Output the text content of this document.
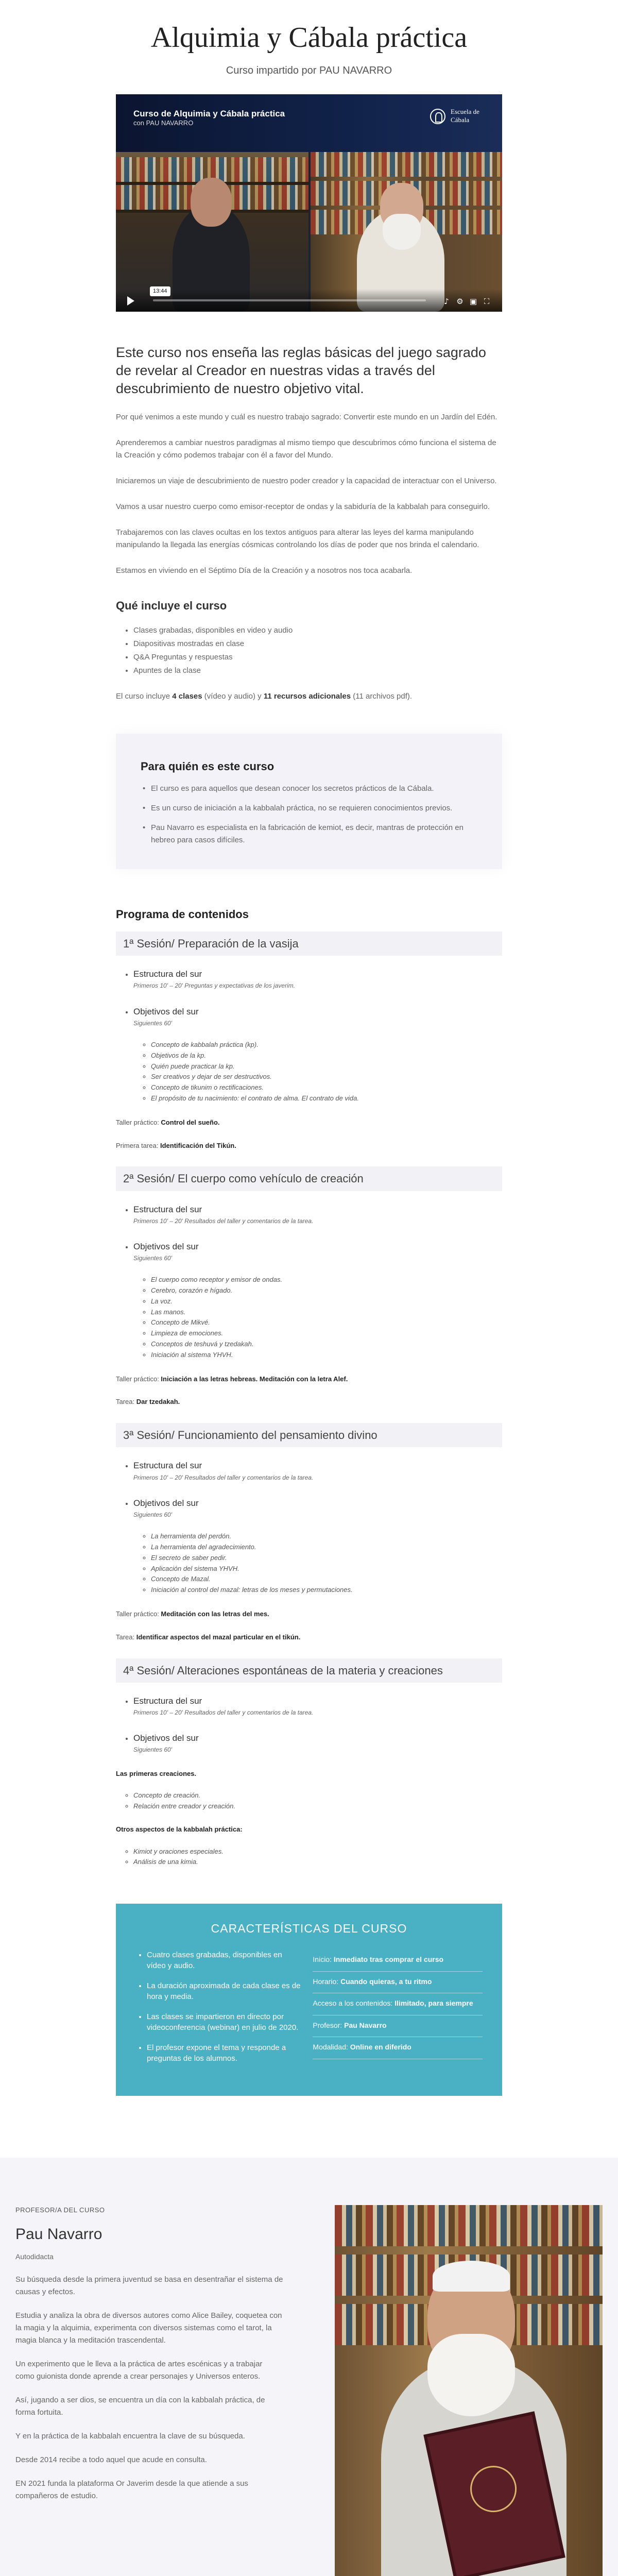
Alquimia y Cábala práctica
Curso impartido por PAU NAVARRO
Curso de Alquimia y Cábala práctica
con PAU NAVARRO
Escuela de Cábala
13:44
♪ ⚙ ▣ ⛶

Este curso nos enseña las reglas básicas del juego sagrado de revelar al Creador en nuestras vidas a través del descubrimiento de nuestro objetivo vital.

Por qué venimos a este mundo y cuál es nuestro trabajo sagrado: Convertir este mundo en un Jardín del Edén.

Aprenderemos a cambiar nuestros paradigmas al mismo tiempo que descubrimos cómo funciona el sistema de la Creación y cómo podemos trabajar con él a favor del Mundo.

Iniciaremos un viaje de descubrimiento de nuestro poder creador y la capacidad de interactuar con el Universo.

Vamos a usar nuestro cuerpo como emisor-receptor de ondas y la sabiduría de la kabbalah para conseguirlo.

Trabajaremos con las claves ocultas en los textos antiguos para alterar las leyes del karma manipulando manipulando la llegada las energías cósmicas controlando los días de poder que nos brinda el calendario.

Estamos en viviendo en el Séptimo Día de la Creación y a nosotros nos toca acabarla.

Qué incluye el curso
• Clases grabadas, disponibles en video y audio
• Diapositivas mostradas en clase
• Q&A Preguntas y respuestas
• Apuntes de la clase

El curso incluye 4 clases (vídeo y audio) y 11 recursos adicionales (11 archivos pdf).

Para quién es este curso
• El curso es para aquellos que desean conocer los secretos prácticos de la Cábala.
• Es un curso de iniciación a la kabbalah práctica, no se requieren conocimientos previos.
• Pau Navarro es especialista en la fabricación de kemiot, es decir, mantras de protección en hebreo para casos difíciles.
Programa de contenidos
1ª Sesión/ Preparación de la vasija
• Estructura del sur
Primeros 10' – 20' Preguntas y expectativas de los javerim.
• Objetivos del sur
Siguientes 60'
◦ Concepto de kabbalah práctica (kp).
◦ Objetivos de la kp.
◦ Quién puede practicar la kp.
◦ Ser creativos y dejar de ser destructivos.
◦ Concepto de tikunim o rectificaciones.
◦ El propósito de tu nacimiento: el contrato de alma. El contrato de vida.

Taller práctico: Control del sueño.

Primera tarea: Identificación del Tikún.

2ª Sesión/ El cuerpo como vehículo de creación
• Estructura del sur
Primeros 10' – 20' Resultados del taller y comentarios de la tarea.
• Objetivos del sur
Siguientes 60'
◦ El cuerpo como receptor y emisor de ondas.
◦ Cerebro, corazón e hígado.
◦ La voz.
◦ Las manos.
◦ Concepto de Mikvé.
◦ Limpieza de emociones.
◦ Conceptos de teshuvá y tzedakah.
◦ Iniciación al sistema YHVH.

Taller práctico: Iniciación a las letras hebreas. Meditación con la letra Alef.

Tarea: Dar tzedakah.

3ª Sesión/ Funcionamiento del pensamiento divino
• Estructura del sur
Primeros 10' – 20' Resultados del taller y comentarios de la tarea.
• Objetivos del sur
Siguientes 60'
◦ La herramienta del perdón.
◦ La herramienta del agradecimiento.
◦ El secreto de saber pedir.
◦ Aplicación del sistema YHVH.
◦ Concepto de Mazal.
◦ Iniciación al control del mazal: letras de los meses y permutaciones.

Taller práctico: Meditación con las letras del mes.

Tarea: Identificar aspectos del mazal particular en el tikún.

4ª Sesión/ Alteraciones espontáneas de la materia y creaciones
• Estructura del sur
Primeros 10' – 20' Resultados del taller y comentarios de la tarea.
• Objetivos del sur
Siguientes 60'

Las primeras creaciones.

◦ Concepto de creación.
◦ Relación entre creador y creación.

Otros aspectos de la kabbalah práctica:

◦ Kimiot y oraciones especiales.
◦ Análisis de una kimia.
CARACTERÍSTICAS DEL CURSO
• Cuatro clases grabadas, disponibles en vídeo y audio.
• La duración aproximada de cada clase es de hora y media.
• Las clases se impartieron en directo por videoconferencia (webinar) en julio de 2020.
• El profesor expone el tema y responde a preguntas de los alumnos.
Inicio: Inmediato tras comprar el curso
Horario: Cuando quieras, a tu ritmo
Acceso a los contenidos: Ilimitado, para siempre
Profesor: Pau Navarro
Modalidad: Online en diferido
PROFESOR/A DEL CURSO
Pau Navarro
Autodidacta

Su búsqueda desde la primera juventud se basa en desentrañar el sistema de causas y efectos.

Estudia y analiza la obra de diversos autores como Alice Bailey, coquetea con la magia y la alquimia, experimenta con diversos sistemas como el tarot, la magia blanca y la meditación trascendental.

Un experimento que le lleva a la práctica de artes escénicas y a trabajar como guionista donde aprende a crear personajes y Universos enteros.

Así, jugando a ser dios, se encuentra un día con la kabbalah práctica, de forma fortuita.

Y en la práctica de la kabbalah encuentra la clave de su búsqueda.

Desde 2014 recibe a todo aquel que acude en consulta.

EN 2021 funda la plataforma Or Javerim desde la que atiende a sus compañeros de estudio.
